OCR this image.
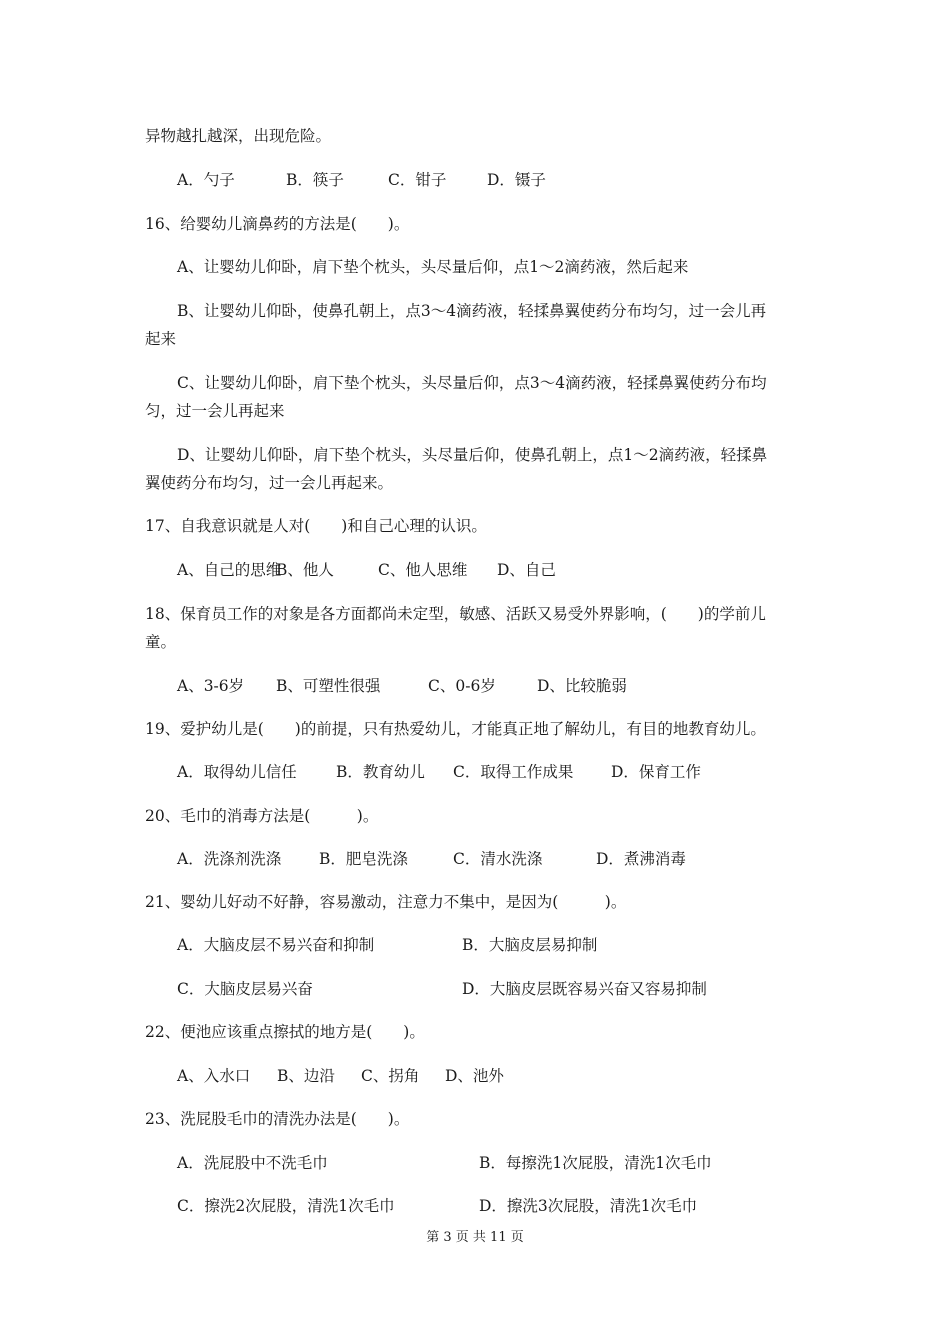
异物越扎越深，出现危险。
A．勺子	B．筷子	C．钳子	D．镊子
16、给婴幼儿滴鼻药的方法是(　　)。
A、让婴幼儿仰卧，肩下垫个枕头，头尽量后仰，点1～2滴药液，然后起来
B、让婴幼儿仰卧，使鼻孔朝上，点3～4滴药液，轻揉鼻翼使药分布均匀，过一会儿再
起来
C、让婴幼儿仰卧，肩下垫个枕头，头尽量后仰，点3～4滴药液，轻揉鼻翼使药分布均
匀，过一会儿再起来
D、让婴幼儿仰卧，肩下垫个枕头，头尽量后仰，使鼻孔朝上，点1～2滴药液，轻揉鼻
翼使药分布均匀，过一会儿再起来。
17、自我意识就是人对(　　)和自己心理的认识。
A、自己的思维
B、他人	C、他人思维 D、自己
18、保育员工作的对象是各方面都尚未定型，敏感、活跃又易受外界影响，(　　)的学前儿
童。
A、3-6岁 B、可塑性很强	C、0-6岁	D、比较脆弱
19、爱护幼儿是(　　)的前提，只有热爱幼儿，才能真正地了解幼儿，有目的地教育幼儿。
A．取得幼儿信任	B．教育幼儿 C．取得工作成果 D．保育工作
20、毛巾的消毒方法是(　　　)。
A．洗涤剂洗涤 B．肥皂洗涤	C．清水洗涤	D．煮沸消毒
21、婴幼儿好动不好静，容易激动，注意力不集中，是因为(　　　)。
A．大脑皮层不易兴奋和抑制	B．大脑皮层易抑制
C．大脑皮层易兴奋	D．大脑皮层既容易兴奋又容易抑制
22、便池应该重点擦拭的地方是(　　)。
A、入水口 B、边沿 C、拐角 D、池外
23、洗屁股毛巾的清洗办法是(　　)。
A．洗屁股中不洗毛巾	B．每擦洗1次屁股，清洗1次毛巾
C．擦洗2次屁股，清洗1次毛巾	D．擦洗3次屁股，清洗1次毛巾
第 3 页 共 11 页
